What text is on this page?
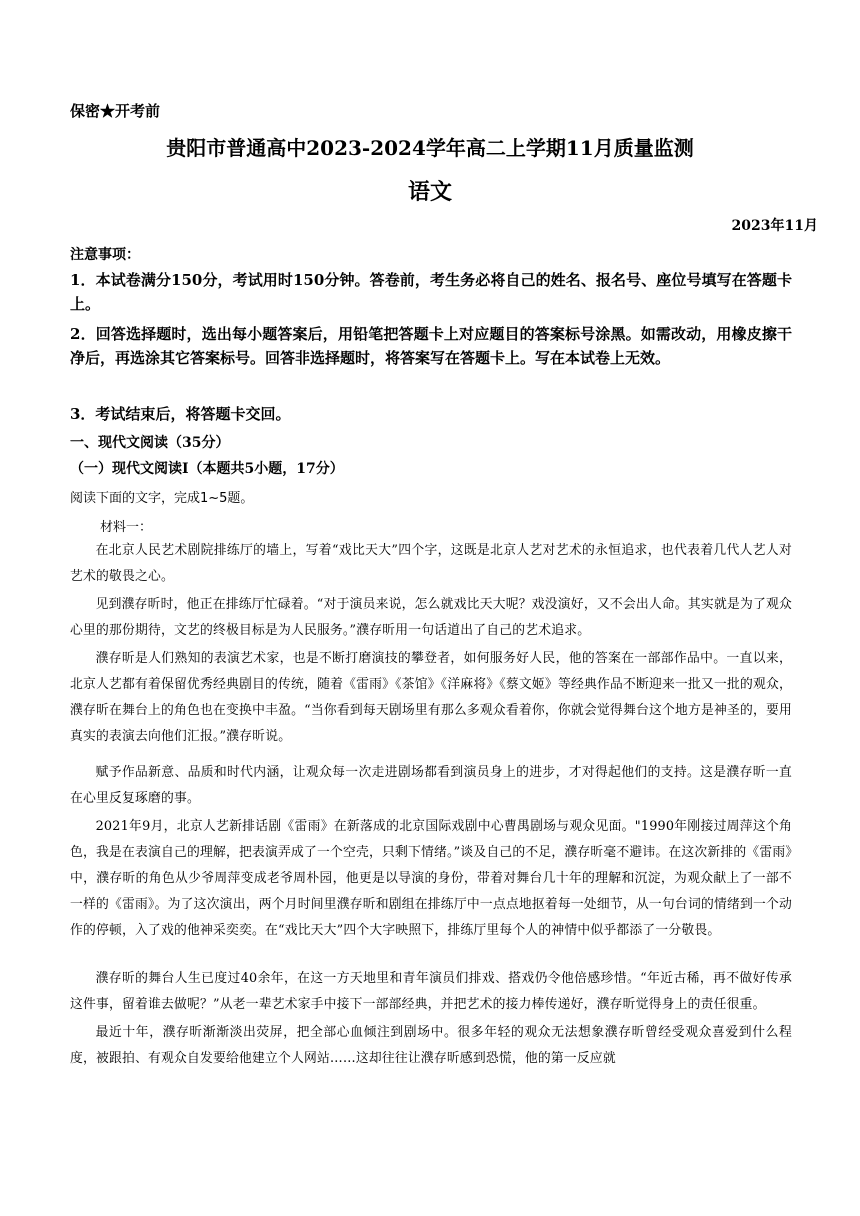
保密★开考前
贵阳市普通高中2023-2024学年高二上学期11月质量监测
语文
2023年11月
注意事项：
1．本试卷满分150分，考试用时150分钟。答卷前，考生务必将自己的姓名、报名号、座位号填写在答题卡上。
2．回答选择题时，选出每小题答案后，用铅笔把答题卡上对应题目的答案标号涂黑。如需改动，用橡皮擦干净后，再选涂其它答案标号。回答非选择题时，将答案写在答题卡上。写在本试卷上无效。
3．考试结束后，将答题卡交回。
一、现代文阅读（35分）
（一）现代文阅读Ⅰ（本题共5小题，17分）
阅读下面的文字，完成1~5题。
材料一：

在北京人民艺术剧院排练厅的墙上，写着“戏比天大”四个字，这既是北京人艺对艺术的永恒追求，也代表着几代人艺人对艺术的敬畏之心。

见到濮存昕时，他正在排练厅忙碌着。“对于演员来说，怎么就戏比天大呢？戏没演好，又不会出人命。其实就是为了观众心里的那份期待，文艺的终极目标是为人民服务。”濮存昕用一句话道出了自己的艺术追求。

濮存昕是人们熟知的表演艺术家，也是不断打磨演技的攀登者，如何服务好人民，他的答案在一部部作品中。一直以来，北京人艺都有着保留优秀经典剧目的传统，随着《雷雨》《茶馆》《洋麻将》《蔡文姬》等经典作品不断迎来一批又一批的观众，濮存昕在舞台上的角色也在变换中丰盈。“当你看到每天剧场里有那么多观众看着你，你就会觉得舞台这个地方是神圣的，要用真实的表演去向他们汇报。”濮存昕说。

赋予作品新意、品质和时代内涵，让观众每一次走进剧场都看到演员身上的进步，才对得起他们的支持。这是濮存昕一直在心里反复琢磨的事。

2021年9月，北京人艺新排话剧《雷雨》在新落成的北京国际戏剧中心曹禺剧场与观众见面。"1990年刚接过周萍这个角色，我是在表演自己的理解，把表演弄成了一个空壳，只剩下情绪。”谈及自己的不足，濮存昕毫不避讳。在这次新排的《雷雨》中，濮存昕的角色从少爷周萍变成老爷周朴园，他更是以导演的身份，带着对舞台几十年的理解和沉淀，为观众献上了一部不一样的《雷雨》。为了这次演出，两个月时间里濮存昕和剧组在排练厅中一点点地抠着每一处细节，从一句台词的情绪到一个动作的停顿，入了戏的他神采奕奕。在“戏比天大”四个大字映照下，排练厅里每个人的神情中似乎都添了一分敬畏。

濮存昕的舞台人生已度过40余年，在这一方天地里和青年演员们排戏、搭戏仍令他倍感珍惜。“年近古稀，再不做好传承这件事，留着谁去做呢？”从老一辈艺术家手中接下一部部经典，并把艺术的接力棒传递好，濮存昕觉得身上的责任很重。

最近十年，濮存昕渐渐淡出荧屏，把全部心血倾注到剧场中。很多年轻的观众无法想象濮存昕曾经受观众喜爱到什么程度，被跟拍、有观众自发要给他建立个人网站……这却往往让濮存昕感到恐慌，他的第一反应就
